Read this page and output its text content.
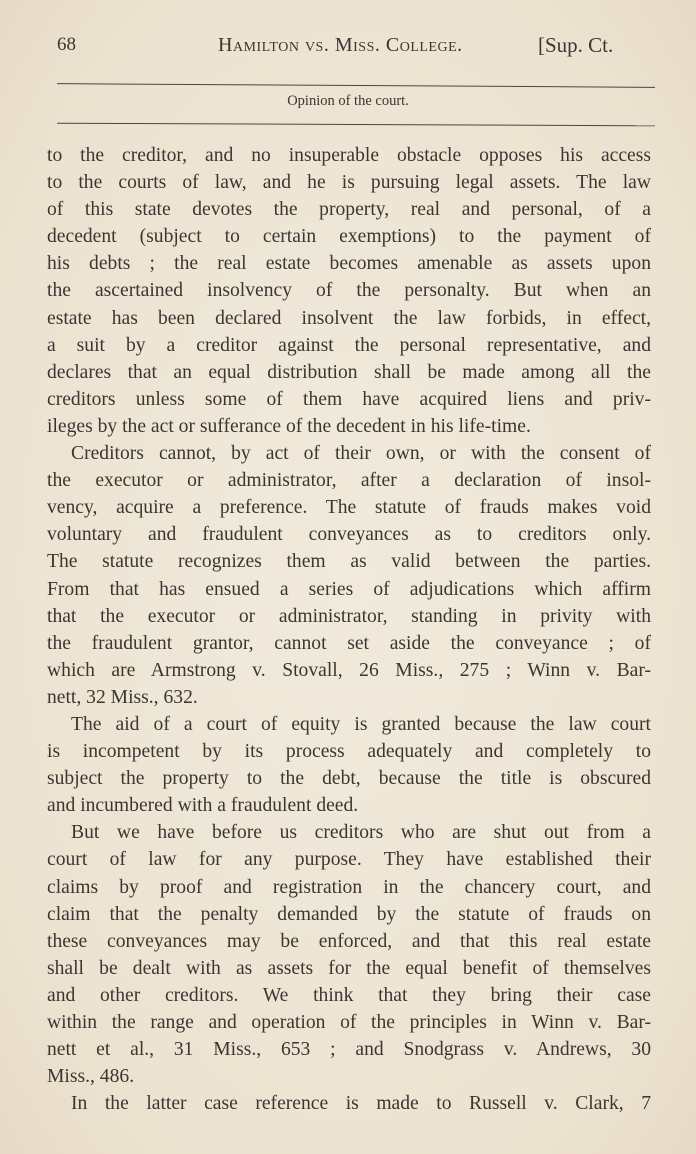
68	Hamilton vs. Miss. College.	[Sup. Ct.
Opinion of the court.
to the creditor, and no insuperable obstacle opposes his access
to the courts of law, and he is pursuing legal assets. The law
of this state devotes the property, real and personal, of a
decedent (subject to certain exemptions) to the payment of
his debts ; the real estate becomes amenable as assets upon
the ascertained insolvency of the personalty. But when an
estate has been declared insolvent the law forbids, in effect,
a suit by a creditor against the personal representative, and
declares that an equal distribution shall be made among all the
creditors unless some of them have acquired liens and priv-
ileges by the act or sufferance of the decedent in his life-time.
Creditors cannot, by act of their own, or with the consent of
the executor or administrator, after a declaration of insol-
vency, acquire a preference. The statute of frauds makes void
voluntary and fraudulent conveyances as to creditors only.
The statute recognizes them as valid between the parties.
From that has ensued a series of adjudications which affirm
that the executor or administrator, standing in privity with
the fraudulent grantor, cannot set aside the conveyance ; of
which are Armstrong v. Stovall, 26 Miss., 275 ; Winn v. Bar-
nett, 32 Miss., 632.
The aid of a court of equity is granted because the law court
is incompetent by its process adequately and completely to
subject the property to the debt, because the title is obscured
and incumbered with a fraudulent deed.
But we have before us creditors who are shut out from a
court of law for any purpose. They have established their
claims by proof and registration in the chancery court, and
claim that the penalty demanded by the statute of frauds on
these conveyances may be enforced, and that this real estate
shall be dealt with as assets for the equal benefit of themselves
and other creditors. We think that they bring their case
within the range and operation of the principles in Winn v. Bar-
nett et al., 31 Miss., 653 ; and Snodgrass v. Andrews, 30
Miss., 486.
In the latter case reference is made to Russell v. Clark, 7
